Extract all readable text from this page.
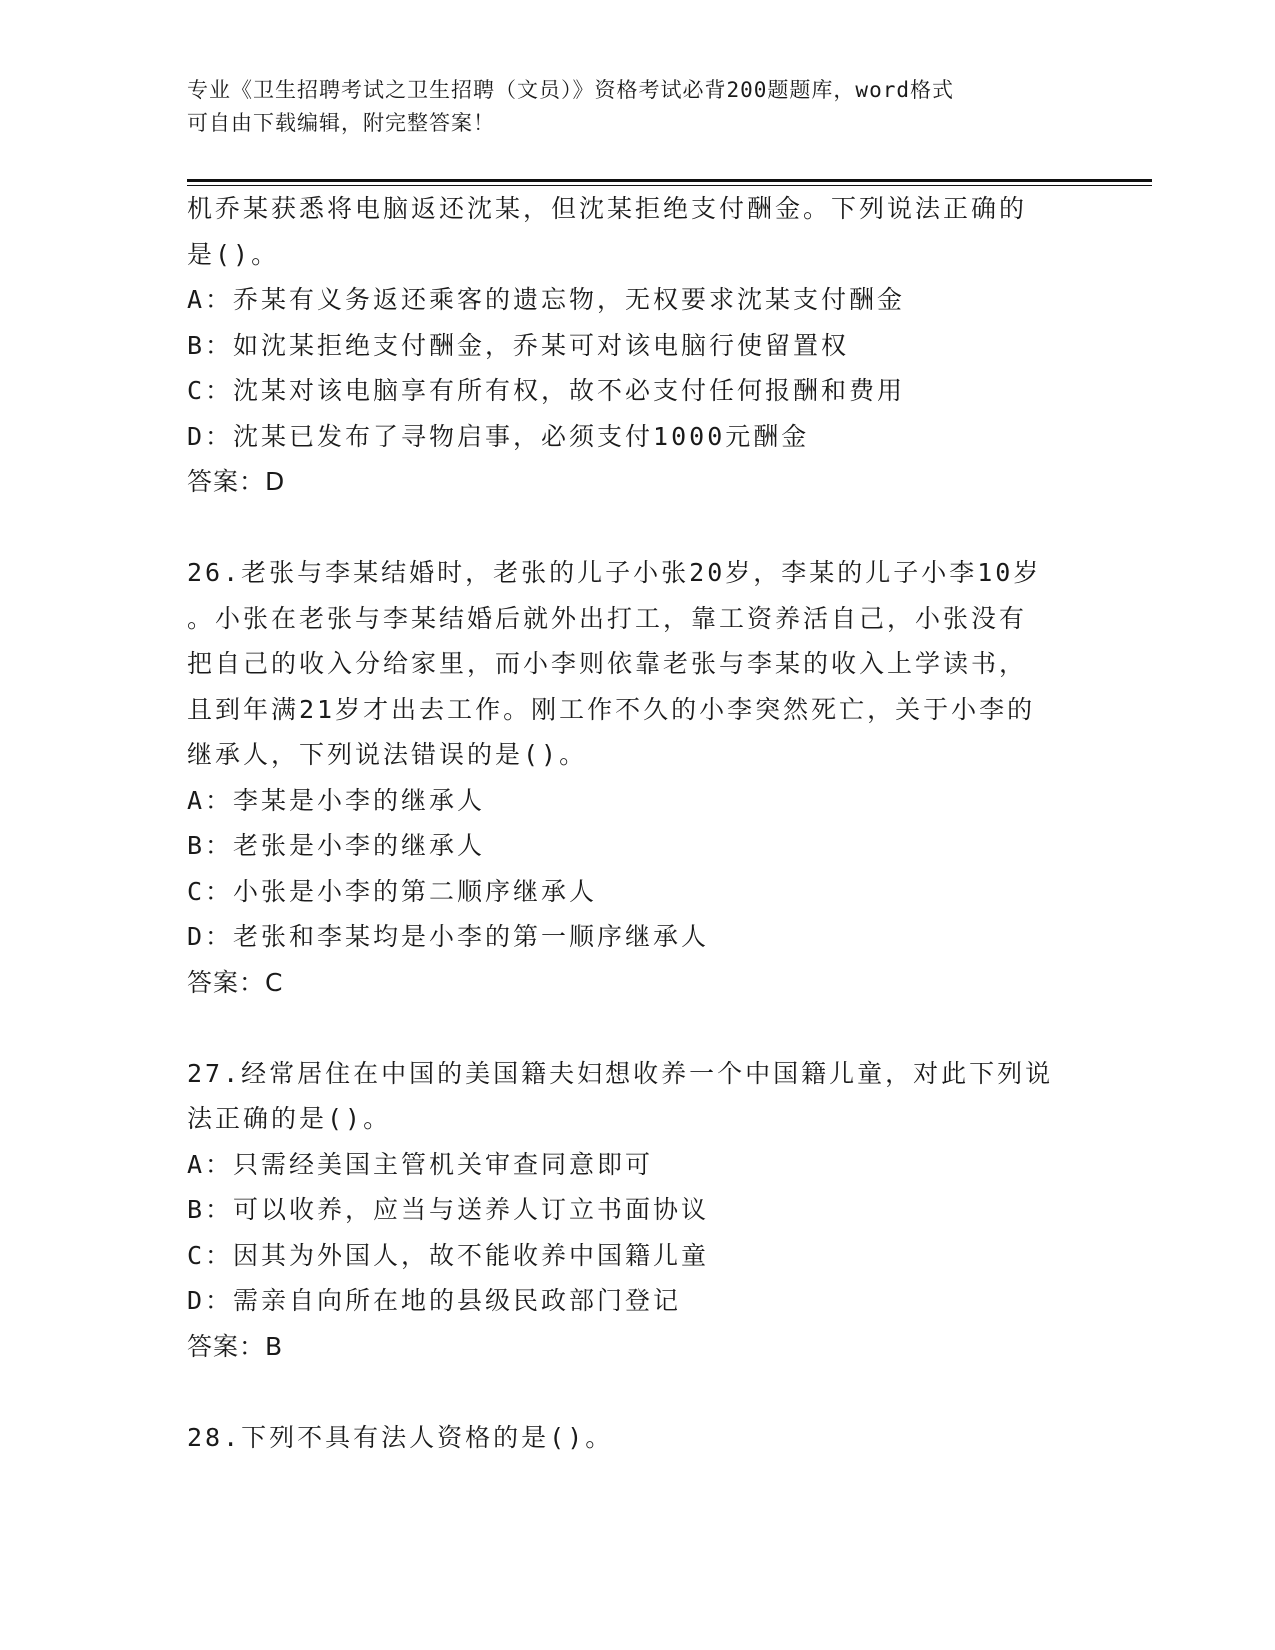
专业《卫生招聘考试之卫生招聘（文员）》资格考试必背200题题库，word格式
可自由下载编辑，附完整答案！
机乔某获悉将电脑返还沈某，但沈某拒绝支付酬金。下列说法正确的
是()。
A：乔某有义务返还乘客的遗忘物，无权要求沈某支付酬金
B：如沈某拒绝支付酬金，乔某可对该电脑行使留置权
C：沈某对该电脑享有所有权，故不必支付任何报酬和费用
D：沈某已发布了寻物启事，必须支付1000元酬金
答案：D
26.老张与李某结婚时，老张的儿子小张20岁，李某的儿子小李10岁
。小张在老张与李某结婚后就外出打工，靠工资养活自己，小张没有
把自己的收入分给家里，而小李则依靠老张与李某的收入上学读书，
且到年满21岁才出去工作。刚工作不久的小李突然死亡，关于小李的
继承人，下列说法错误的是()。
A：李某是小李的继承人
B：老张是小李的继承人
C：小张是小李的第二顺序继承人
D：老张和李某均是小李的第一顺序继承人
答案：C
27.经常居住在中国的美国籍夫妇想收养一个中国籍儿童，对此下列说
法正确的是()。
A：只需经美国主管机关审查同意即可
B：可以收养，应当与送养人订立书面协议
C：因其为外国人，故不能收养中国籍儿童
D：需亲自向所在地的县级民政部门登记
答案：B
28.下列不具有法人资格的是()。
